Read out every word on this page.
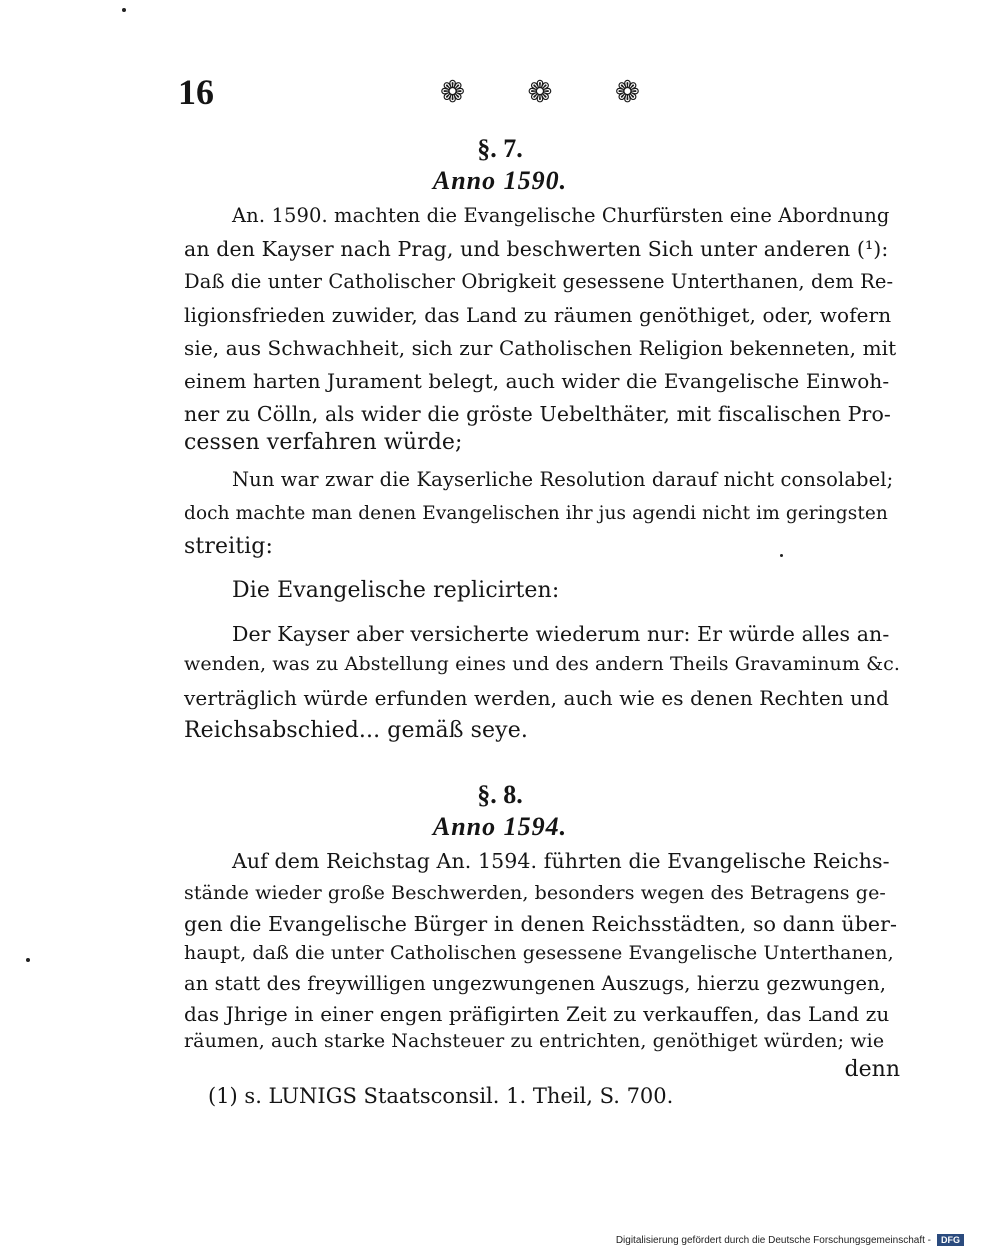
16	❁ ❁ ❁
§. 7.
Anno 1590.
An. 1590. machten die Evangelische Churfürsten eine Abordnung
an den Kayser nach Prag, und beschwerten Sich unter anderen (¹):
Daß die unter Catholischer Obrigkeit gesessene Unterthanen, dem Re-
ligionsfrieden zuwider, das Land zu räumen genöthiget, oder, wofern
sie, aus Schwachheit, sich zur Catholischen Religion bekenneten, mit
einem harten Jurament belegt, auch wider die Evangelische Einwoh-
ner zu Cölln, als wider die gröste Uebelthäter, mit fiscalischen Pro-
cessen verfahren würde;
Nun war zwar die Kayserliche Resolution darauf nicht consolabel;
doch machte man denen Evangelischen ihr jus agendi nicht im geringsten
streitig:
Die Evangelische replicirten:
Der Kayser aber versicherte wiederum nur: Er würde alles an-
wenden, was zu Abstellung eines und des andern Theils Gravaminum &c.
verträglich würde erfunden werden, auch wie es denen Rechten und
Reichsabschied... gemäß seye.
§. 8.
Anno 1594.
Auf dem Reichstag An. 1594. führten die Evangelische Reichs-
stände wieder große Beschwerden, besonders wegen des Betragens ge-
gen die Evangelische Bürger in denen Reichsstädten, so dann über-
haupt, daß die unter Catholischen gesessene Evangelische Unterthanen,
an statt des freywilligen ungezwungenen Auszugs, hierzu gezwungen,
das Jhrige in einer engen präfigirten Zeit zu verkauffen, das Land zu
räumen, auch starke Nachsteuer zu entrichten, genöthiget würden; wie
denn
(1) s. LUNIGS Staatsconsil. 1. Theil, S. 700.
Digitalisierung gefördert durch die Deutsche Forschungsgemeinschaft -	DFG
